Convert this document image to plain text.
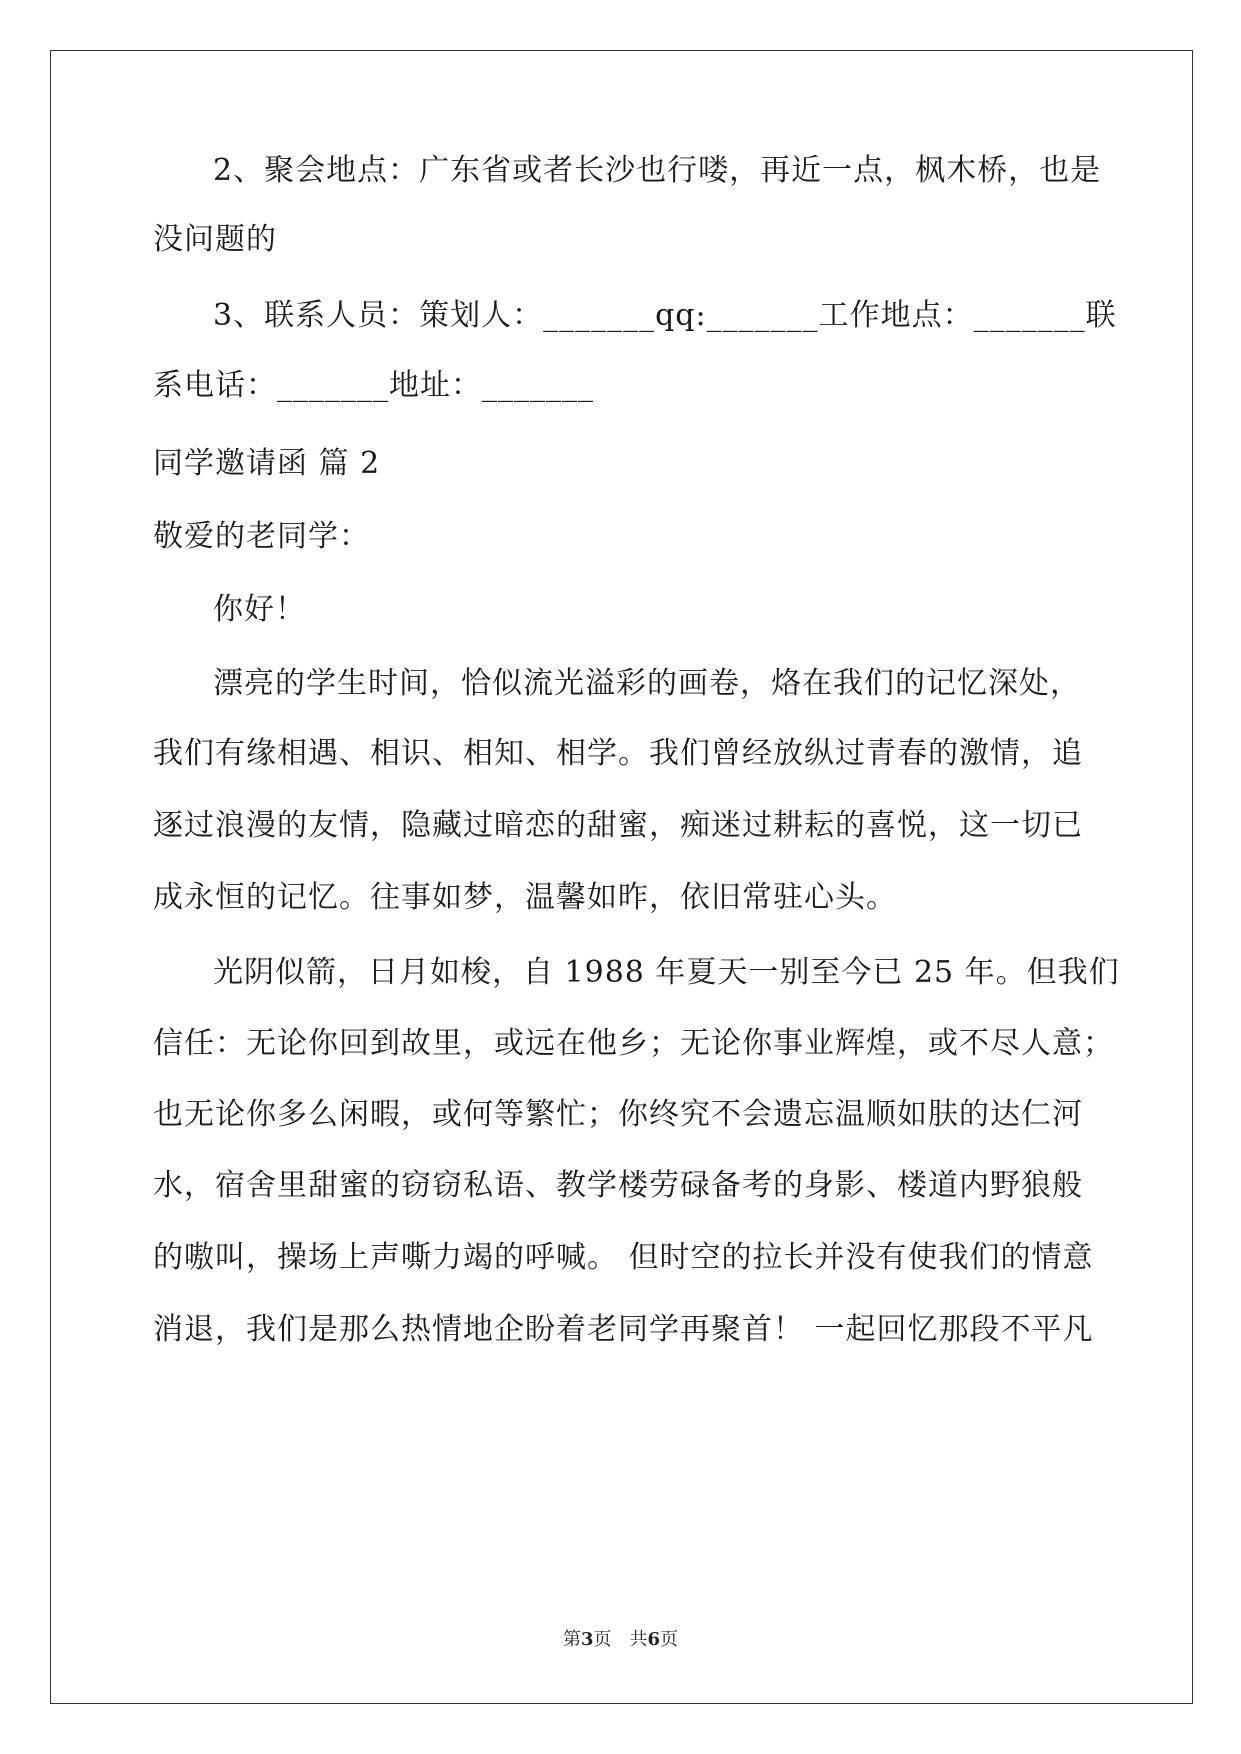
2、聚会地点：广东省或者长沙也行喽，再近一点，枫木桥，也是
没问题的
3、联系人员：策划人：_______qq:_______工作地点：_______联
系电话：_______地址：_______
同学邀请函 篇 2
敬爱的老同学：
你好！
漂亮的学生时间，恰似流光溢彩的画卷，烙在我们的记忆深处，
我们有缘相遇、相识、相知、相学。我们曾经放纵过青春的激情，追
逐过浪漫的友情，隐藏过暗恋的甜蜜，痴迷过耕耘的喜悦，这一切已
成永恒的记忆。往事如梦，温馨如昨，依旧常驻心头。
光阴似箭，日月如梭，自 1988 年夏天一别至今已 25 年。但我们
信任：无论你回到故里，或远在他乡；无论你事业辉煌，或不尽人意；
也无论你多么闲暇，或何等繁忙；你终究不会遗忘温顺如肤的达仁河
水，宿舍里甜蜜的窃窃私语、教学楼劳碌备考的身影、楼道内野狼般
的嗷叫，操场上声嘶力竭的呼喊。 但时空的拉长并没有使我们的情意
消退，我们是那么热情地企盼着老同学再聚首！ 一起回忆那段不平凡
第3页　共6页
